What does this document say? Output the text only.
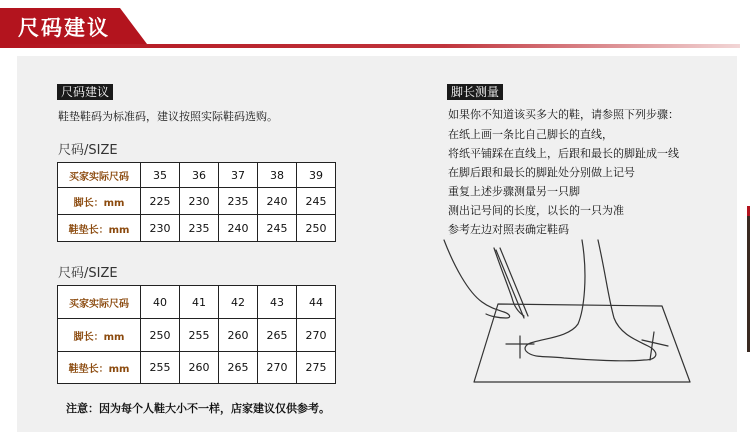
尺码建议
尺码建议
鞋垫鞋码为标准码，建议按照实际鞋码选购。
尺码/SIZE
买家实际尺码	35	36	37	38	39
脚长：mm	225	230	235	240	245
鞋垫长：mm	230	235	240	245	250
尺码/SIZE
买家实际尺码	40	41	42	43	44
脚长：mm	250	255	260	265	270
鞋垫长：mm	255	260	265	270	275
注意：因为每个人鞋大小不一样，店家建议仅供参考。
脚长测量
如果你不知道该买多大的鞋，请参照下列步骤：
在纸上画一条比自己脚长的直线，
将纸平铺踩在直线上，后跟和最长的脚趾成一线
在脚后跟和最长的脚趾处分别做上记号
重复上述步骤测量另一只脚
测出记号间的长度，以长的一只为准
参考左边对照表确定鞋码
